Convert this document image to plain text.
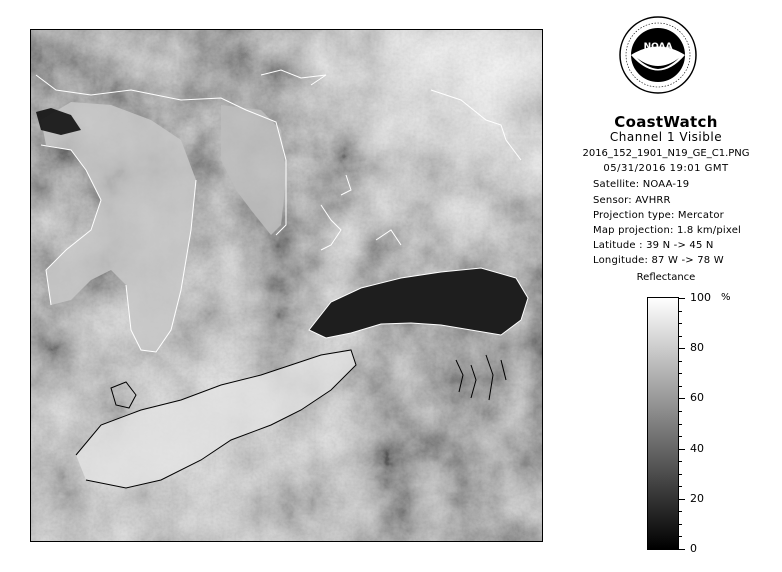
NOAA
CoastWatch
Channel 1 Visible
2016_152_1901_N19_GE_C1.PNG
05/31/2016 19:01 GMT
Satellite: NOAA-19
Sensor: AVHRR
Projection type: Mercator
Map projection: 1.8 km/pixel
Latitude : 39 N -> 45 N
Longitude: 87 W -> 78 W
Reflectance
%
0
20
40
60
80
100
